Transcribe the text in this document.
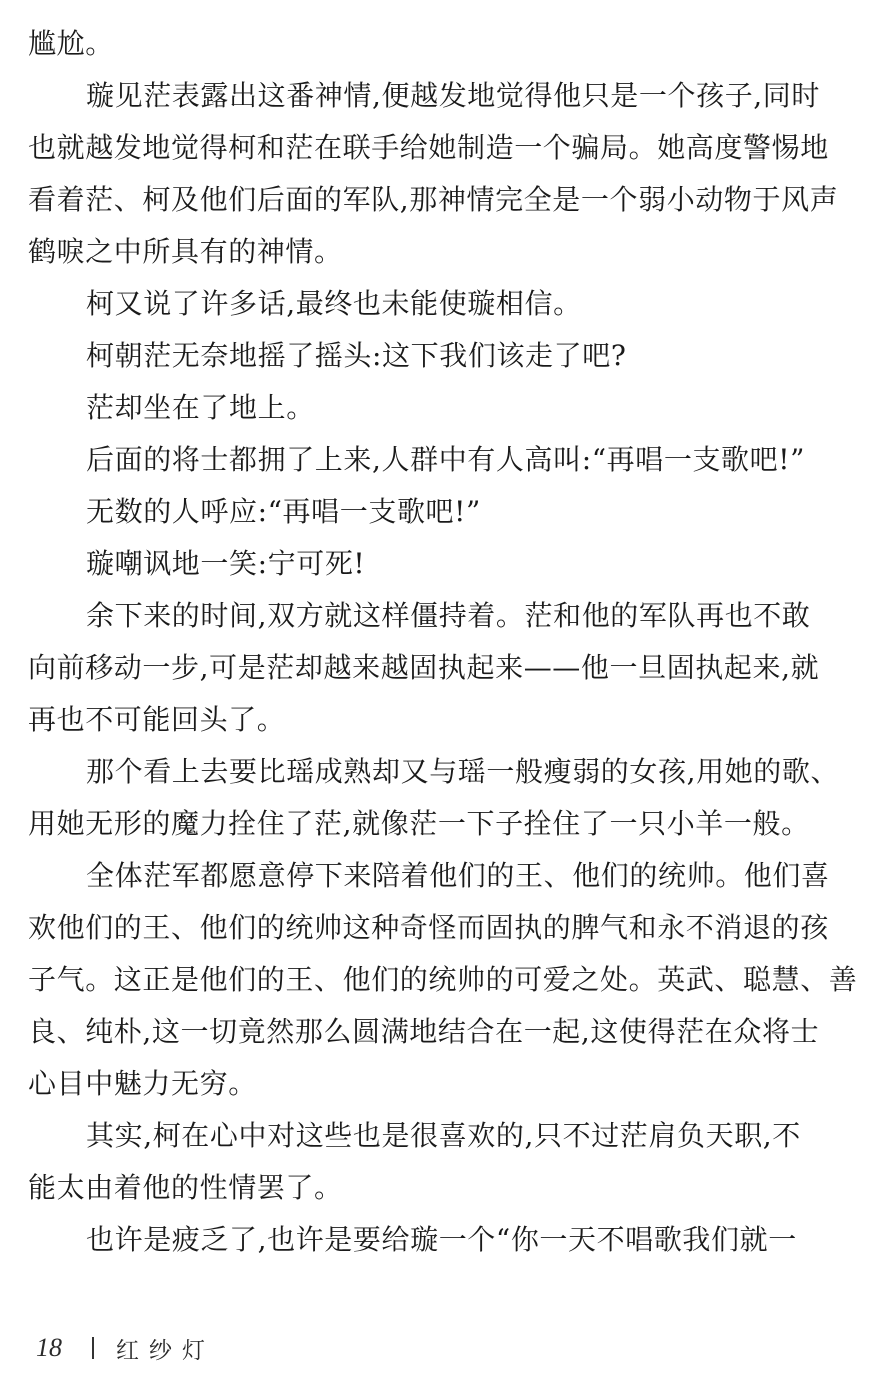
尴尬。
璇见茫表露出这番神情,便越发地觉得他只是一个孩子,同时
也就越发地觉得柯和茫在联手给她制造一个骗局。她高度警惕地
看着茫、柯及他们后面的军队,那神情完全是一个弱小动物于风声
鹤唳之中所具有的神情。
柯又说了许多话,最终也未能使璇相信。
柯朝茫无奈地摇了摇头:这下我们该走了吧?
茫却坐在了地上。
后面的将士都拥了上来,人群中有人高叫:“再唱一支歌吧!”
无数的人呼应:“再唱一支歌吧!”
璇嘲讽地一笑:宁可死!
余下来的时间,双方就这样僵持着。茫和他的军队再也不敢
向前移动一步,可是茫却越来越固执起来——他一旦固执起来,就
再也不可能回头了。
那个看上去要比瑶成熟却又与瑶一般瘦弱的女孩,用她的歌、
用她无形的魔力拴住了茫,就像茫一下子拴住了一只小羊一般。
全体茫军都愿意停下来陪着他们的王、他们的统帅。他们喜
欢他们的王、他们的统帅这种奇怪而固执的脾气和永不消退的孩
子气。这正是他们的王、他们的统帅的可爱之处。英武、聪慧、善
良、纯朴,这一切竟然那么圆满地结合在一起,这使得茫在众将士
心目中魅力无穷。
其实,柯在心中对这些也是很喜欢的,只不过茫肩负天职,不
能太由着他的性情罢了。
也许是疲乏了,也许是要给璇一个“你一天不唱歌我们就一
18 红纱灯
